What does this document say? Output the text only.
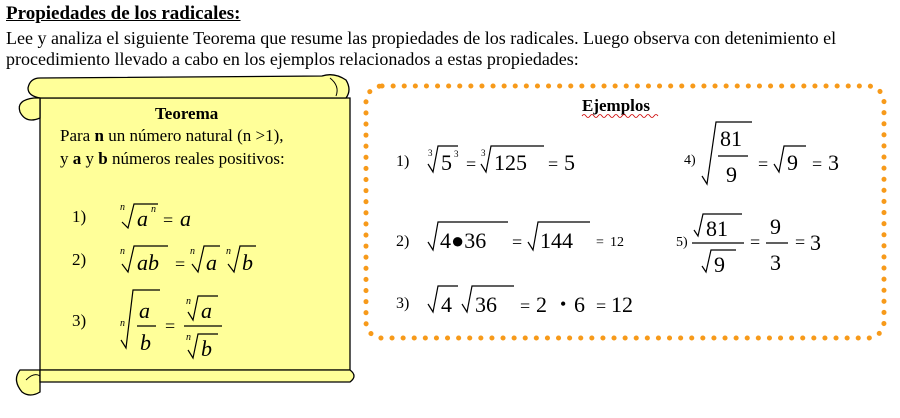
Propiedades de los radicales:
Lee y analiza el siguiente Teorema que resume las propiedades de los radicales. Luego observa con detenimiento el procedimiento llevado a cabo en los ejemplos relacionados a estas propiedades:
Teorema
Para n un número natural (n >1),
y a y b números reales positivos:
1)	n a n
= a
2)	n ab =
n a n b
3)	n
a
b
=
n a
n b
Ejemplos
1) 3 5 3 =
3 125 = 5
2) 4●36 = 144 = 12
3) 4 36 = 2 • 6 = 12
4)
81
9 = 9 = 3
5)
81
9
=
9
3
= 3
